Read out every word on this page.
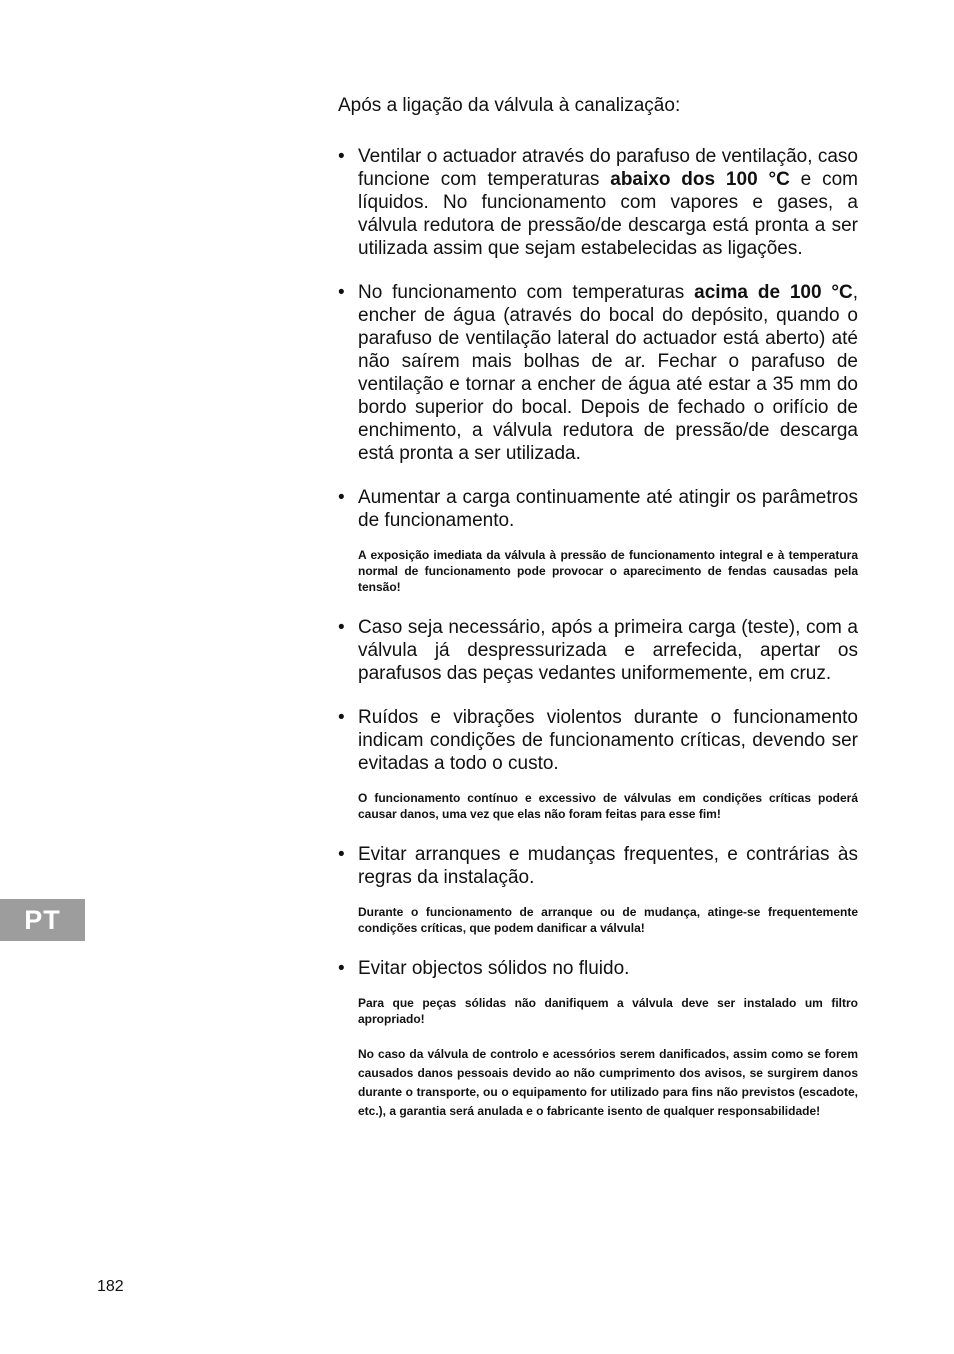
Após a ligação da válvula à canalização:

• Ventilar o actuador através do parafuso de ventilação, caso funcione com temperaturas abaixo dos 100 °C e com líquidos. No funcionamento com vapores e gases, a válvula redutora de pressão/de descarga está pronta a ser utilizada assim que sejam estabelecidas as ligações.

• No funcionamento com temperaturas acima de 100 °C, encher de água (através do bocal do depósito, quando o parafuso de ventilação lateral do actuador está aberto) até não saírem mais bolhas de ar. Fechar o parafuso de ventilação e tornar a encher de água até estar a 35 mm do bordo superior do bocal. Depois de fechado o orifício de enchimento, a válvula redutora de pressão/de descarga está pronta a ser utilizada.

• Aumentar a carga continuamente até atingir os parâmetros de funcionamento.

A exposição imediata da válvula à pressão de funcionamento integral e à temperatura normal de funcionamento pode provocar o aparecimento de fendas causadas pela tensão!

• Caso seja necessário, após a primeira carga (teste), com a válvula já despressurizada e arrefecida, apertar os parafusos das peças vedantes uniformemente, em cruz.

• Ruídos e vibrações violentos durante o funcionamento indicam condições de funcionamento críticas, devendo ser evitadas a todo o custo.

O funcionamento contínuo e excessivo de válvulas em condições críticas poderá causar danos, uma vez que elas não foram feitas para esse fim!

• Evitar arranques e mudanças frequentes, e contrárias às regras da instalação.

Durante o funcionamento de arranque ou de mudança, atinge-se frequentemente condições críticas, que podem danificar a válvula!

• Evitar objectos sólidos no fluido.

Para que peças sólidas não danifiquem a válvula deve ser instalado um filtro apropriado!

No caso da válvula de controlo e acessórios serem danificados, assim como se forem causados danos pessoais devido ao não cumprimento dos avisos, se surgirem danos durante o transporte, ou o equipamento for utilizado para fins não previstos (escadote, etc.), a garantia será anulada e o fabricante isento de qualquer responsabilidade!

PT
182
